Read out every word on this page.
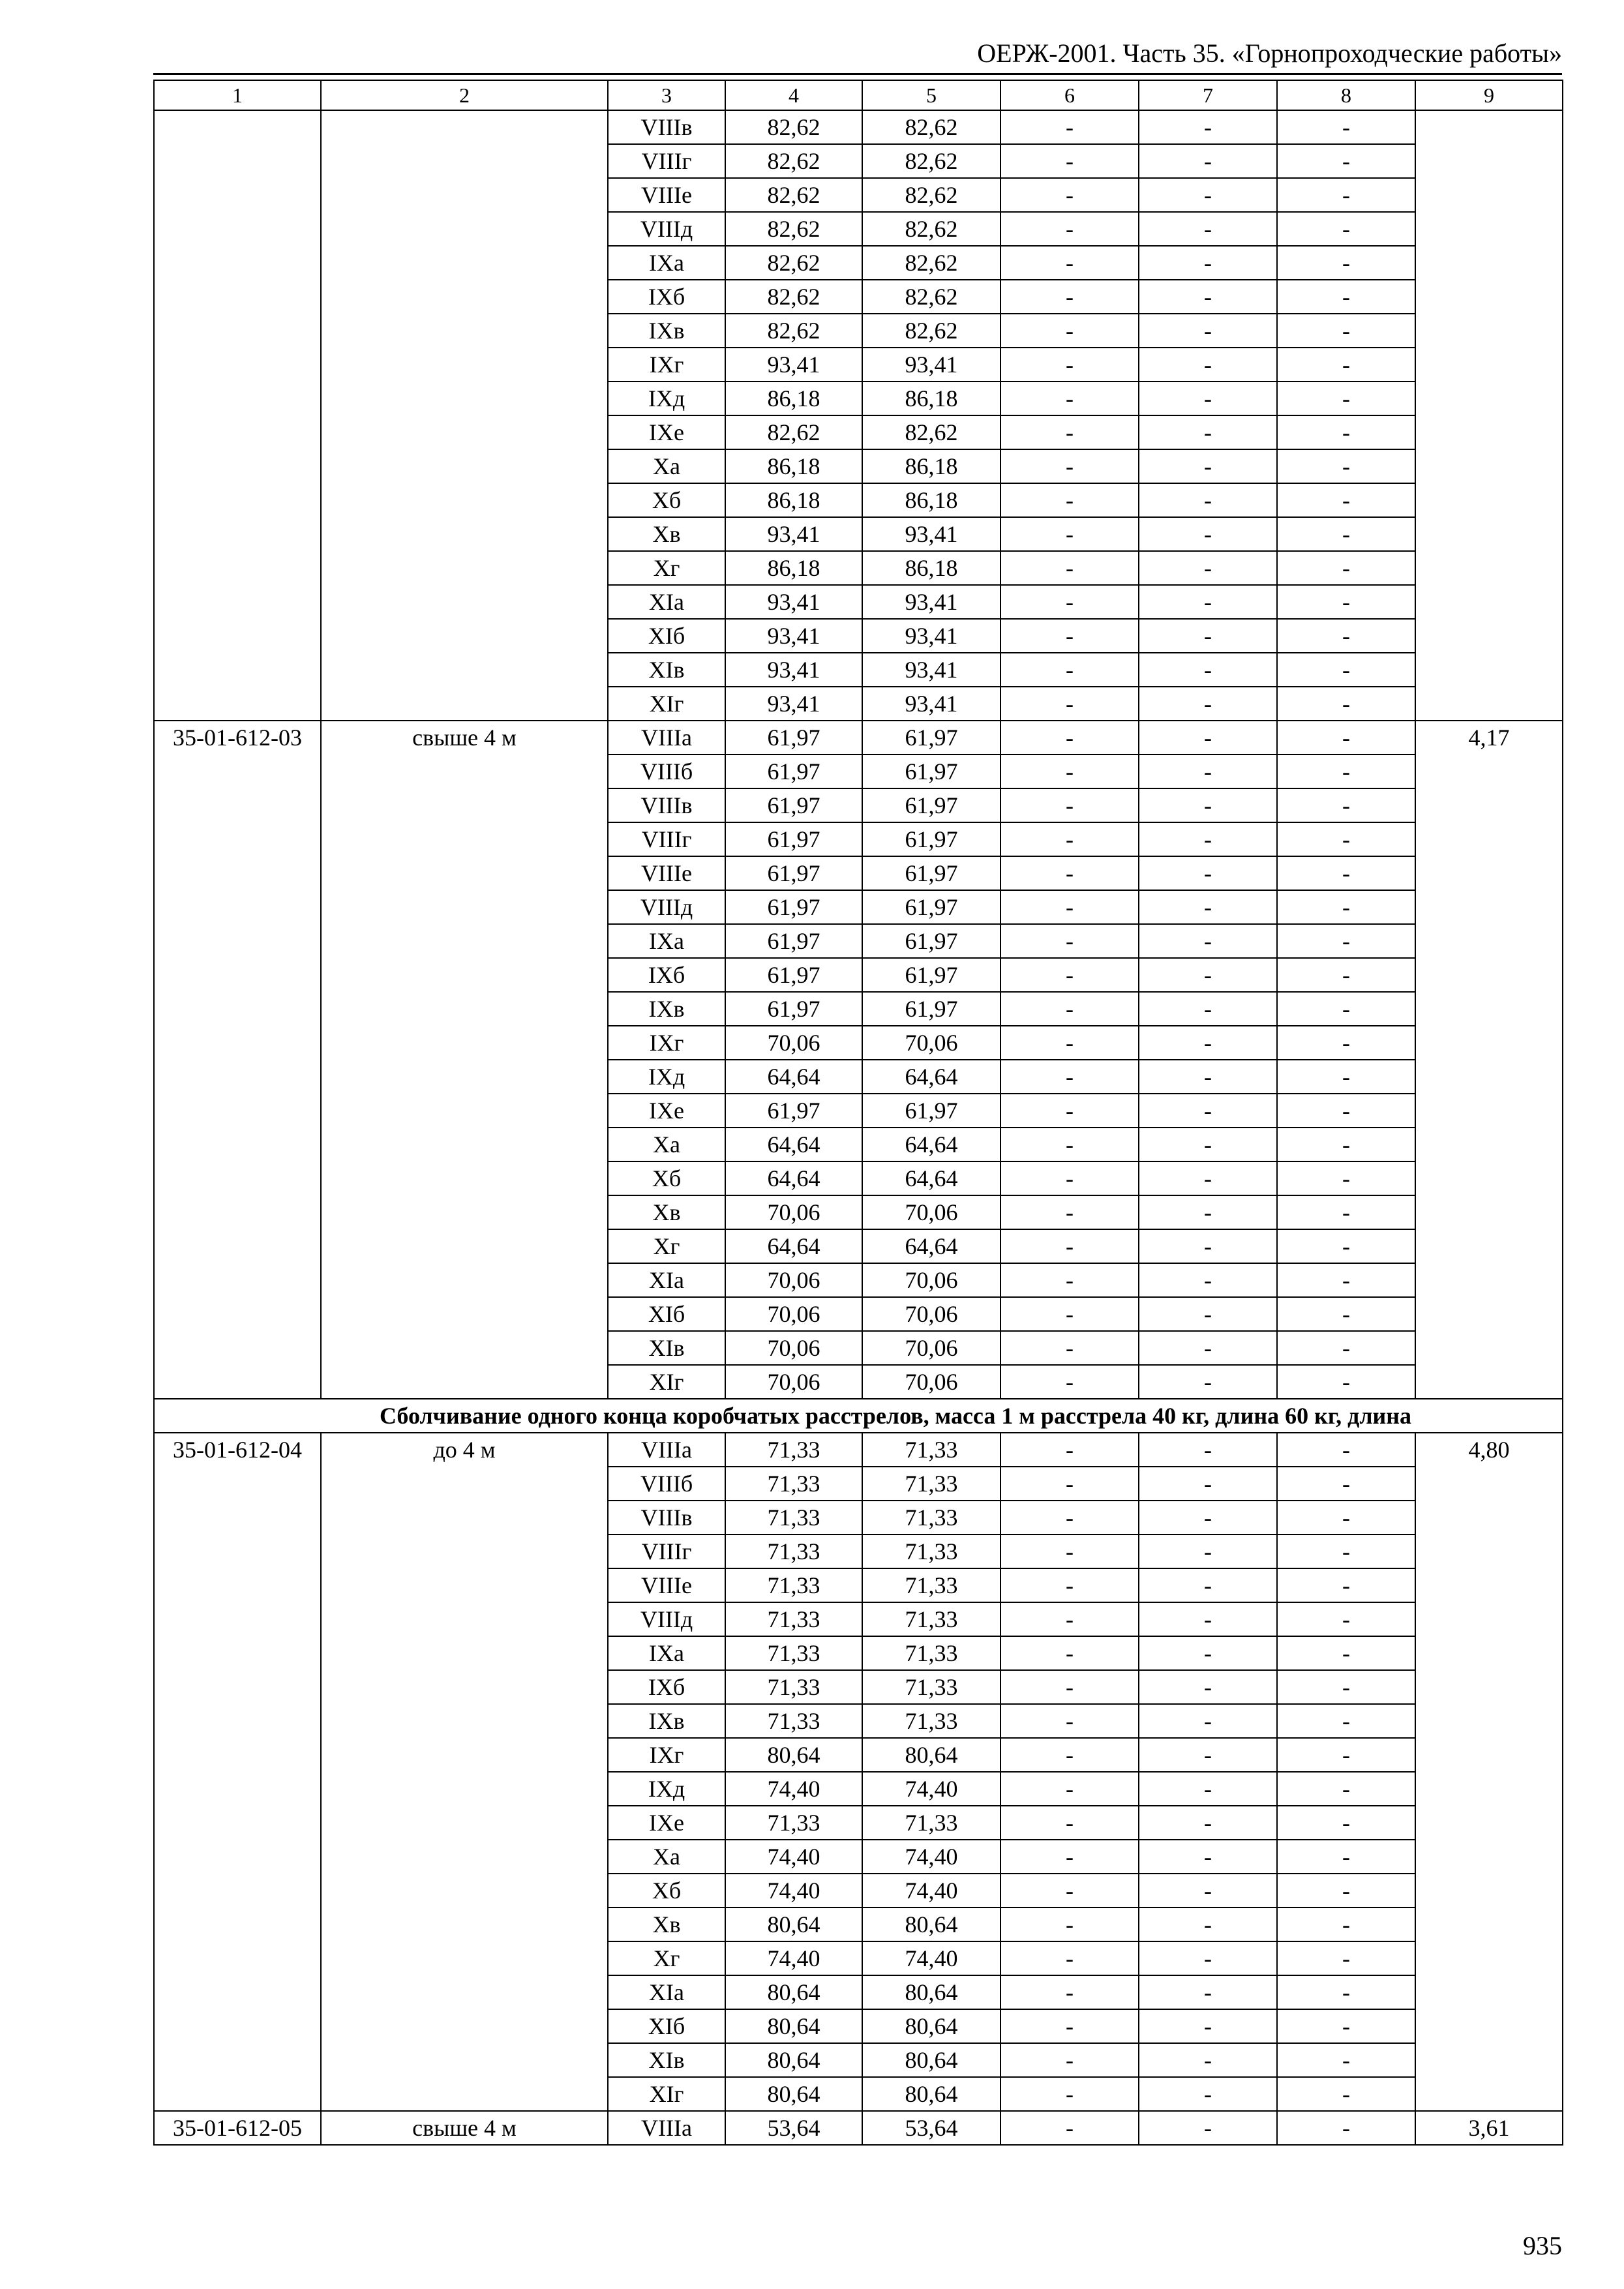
ОЕРЖ-2001. Часть 35. «Горнопроходческие работы»
1	2	3	4	5	6	7	8	9
		VIIIв	82,62	82,62	-	-	-	
		VIIIг	82,62	82,62	-	-	-	
		VIIIе	82,62	82,62	-	-	-	
		VIIIд	82,62	82,62	-	-	-	
		IXа	82,62	82,62	-	-	-	
		IXб	82,62	82,62	-	-	-	
		IXв	82,62	82,62	-	-	-	
		IXг	93,41	93,41	-	-	-	
		IXд	86,18	86,18	-	-	-	
		IXе	82,62	82,62	-	-	-	
		Xа	86,18	86,18	-	-	-	
		Xб	86,18	86,18	-	-	-	
		Xв	93,41	93,41	-	-	-	
		Xг	86,18	86,18	-	-	-	
		XIа	93,41	93,41	-	-	-	
		XIб	93,41	93,41	-	-	-	
		XIв	93,41	93,41	-	-	-	
		XIг	93,41	93,41	-	-	-	
35-01-612-03	свыше 4 м	VIIIа	61,97	61,97	-	-	-	4,17
		VIIIб	61,97	61,97	-	-	-	
		VIIIв	61,97	61,97	-	-	-	
		VIIIг	61,97	61,97	-	-	-	
		VIIIе	61,97	61,97	-	-	-	
		VIIIд	61,97	61,97	-	-	-	
		IXа	61,97	61,97	-	-	-	
		IXб	61,97	61,97	-	-	-	
		IXв	61,97	61,97	-	-	-	
		IXг	70,06	70,06	-	-	-	
		IXд	64,64	64,64	-	-	-	
		IXе	61,97	61,97	-	-	-	
		Xа	64,64	64,64	-	-	-	
		Xб	64,64	64,64	-	-	-	
		Xв	70,06	70,06	-	-	-	
		Xг	64,64	64,64	-	-	-	
		XIа	70,06	70,06	-	-	-	
		XIб	70,06	70,06	-	-	-	
		XIв	70,06	70,06	-	-	-	
		XIг	70,06	70,06	-	-	-	
Сболчивание одного конца коробчатых расстрелов, масса 1 м расстрела 40 кг, длина 60 кг, длина								
35-01-612-04	до 4 м	VIIIа	71,33	71,33	-	-	-	4,80
		VIIIб	71,33	71,33	-	-	-	
		VIIIв	71,33	71,33	-	-	-	
		VIIIг	71,33	71,33	-	-	-	
		VIIIе	71,33	71,33	-	-	-	
		VIIIд	71,33	71,33	-	-	-	
		IXа	71,33	71,33	-	-	-	
		IXб	71,33	71,33	-	-	-	
		IXв	71,33	71,33	-	-	-	
		IXг	80,64	80,64	-	-	-	
		IXд	74,40	74,40	-	-	-	
		IXе	71,33	71,33	-	-	-	
		Xа	74,40	74,40	-	-	-	
		Xб	74,40	74,40	-	-	-	
		Xв	80,64	80,64	-	-	-	
		Xг	74,40	74,40	-	-	-	
		XIа	80,64	80,64	-	-	-	
		XIб	80,64	80,64	-	-	-	
		XIв	80,64	80,64	-	-	-	
		XIг	80,64	80,64	-	-	-	
35-01-612-05	свыше 4 м	VIIIа	53,64	53,64	-	-	-	3,61
935
